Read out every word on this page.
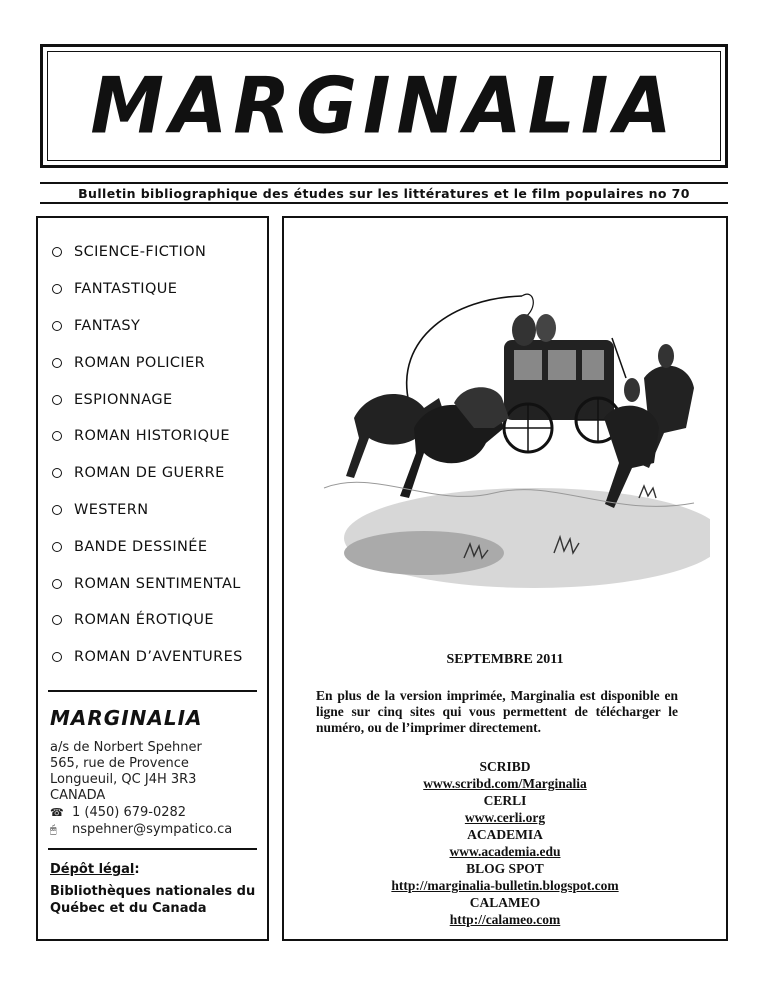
MARGINALIA
Bulletin bibliographique des études sur les littératures et le film populaires no 70
SCIENCE-FICTION
FANTASTIQUE
FANTASY
ROMAN POLICIER
ESPIONNAGE
ROMAN HISTORIQUE
ROMAN DE GUERRE
WESTERN
BANDE DESSINÉE
ROMAN SENTIMENTAL
ROMAN ÉROTIQUE
ROMAN D’AVENTURES
MARGINALIA
a/s de Norbert Spehner
565, rue de Provence
Longueuil, QC J4H 3R3
CANADA
☎ 1 (450) 679-0282
🖱	nspehner@sympatico.ca
Dépôt légal:
Bibliothèques nationales du Québec et du Canada
SEPTEMBRE 2011
En plus de la version imprimée, Marginalia est disponible en ligne sur cinq sites qui vous permettent de télécharger le numéro, ou de l’imprimer directement.
SCRIBD
www.scribd.com/Marginalia
CERLI
www.cerli.org
ACADEMIA
www.academia.edu
BLOG SPOT
http://marginalia-bulletin.blogspot.com
CALAMEO
http://calameo.com
